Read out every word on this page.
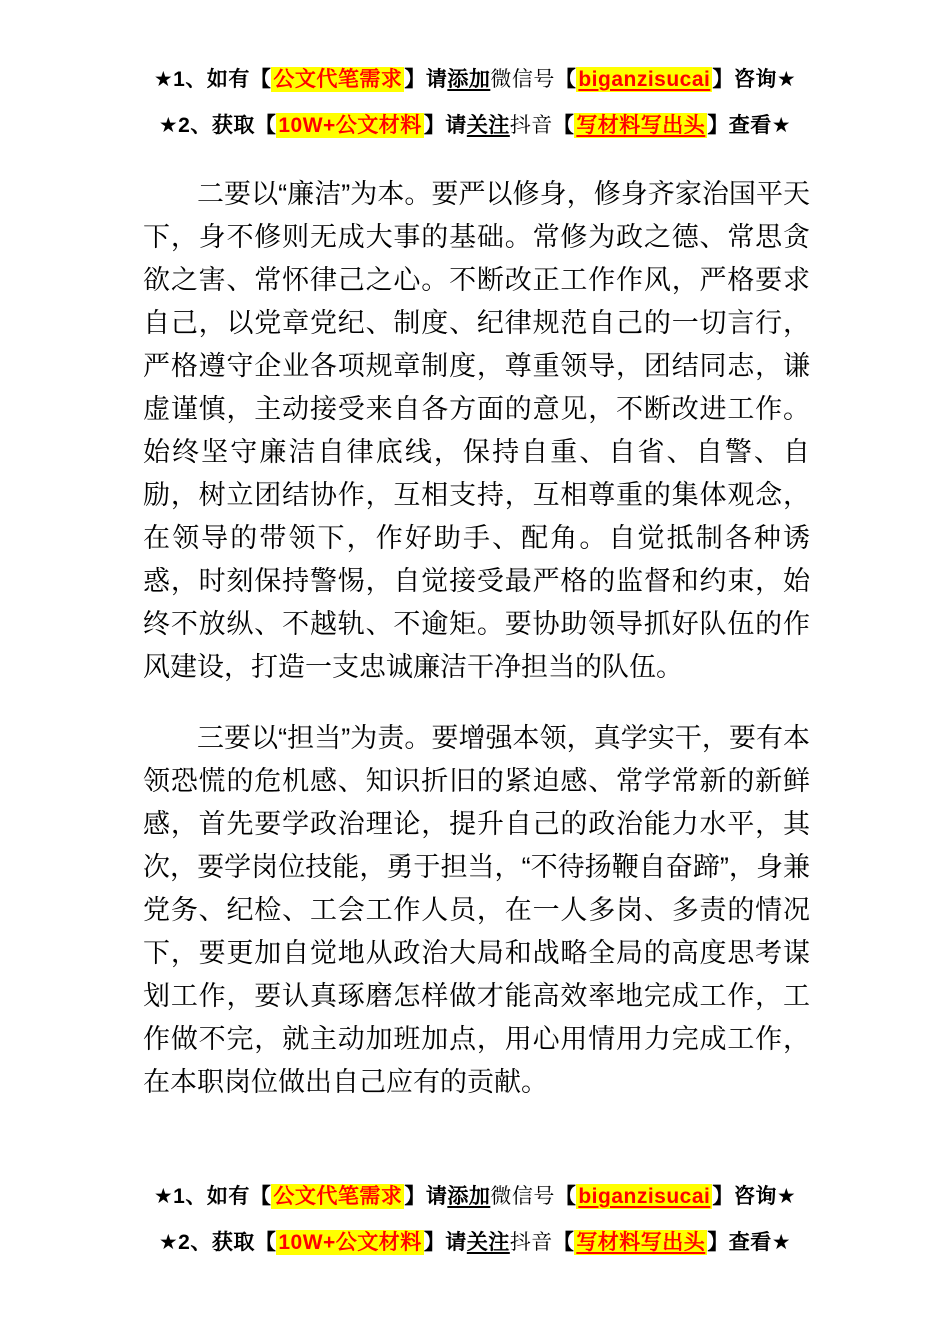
★1、如有【公文代笔需求】请添加微信号【biganzisucai】咨询★
★2、获取【10W+公文材料】请关注抖音【写材料写出头】查看★

二要以“廉洁”为本。要严以修身，修身齐家治国平天下，身不修则无成大事的基础。常修为政之德、常思贪欲之害、常怀律己之心。不断改正工作作风，严格要求自己，以党章党纪、制度、纪律规范自己的一切言行，严格遵守企业各项规章制度，尊重领导，团结同志，谦虚谨慎，主动接受来自各方面的意见，不断改进工作。始终坚守廉洁自律底线，保持自重、自省、自警、自励，树立团结协作，互相支持，互相尊重的集体观念，在领导的带领下，作好助手、配角。自觉抵制各种诱惑，时刻保持警惕，自觉接受最严格的监督和约束，始终不放纵、不越轨、不逾矩。要协助领导抓好队伍的作风建设，打造一支忠诚廉洁干净担当的队伍。

三要以“担当”为责。要增强本领，真学实干，要有本领恐慌的危机感、知识折旧的紧迫感、常学常新的新鲜感，首先要学政治理论，提升自己的政治能力水平，其次，要学岗位技能，勇于担当，“不待扬鞭自奋蹄”，身兼党务、纪检、工会工作人员，在一人多岗、多责的情况下，要更加自觉地从政治大局和战略全局的高度思考谋划工作，要认真琢磨怎样做才能高效率地完成工作，工作做不完，就主动加班加点，用心用情用力完成工作，在本职岗位做出自己应有的贡献。

★1、如有【公文代笔需求】请添加微信号【biganzisucai】咨询★
★2、获取【10W+公文材料】请关注抖音【写材料写出头】查看★
